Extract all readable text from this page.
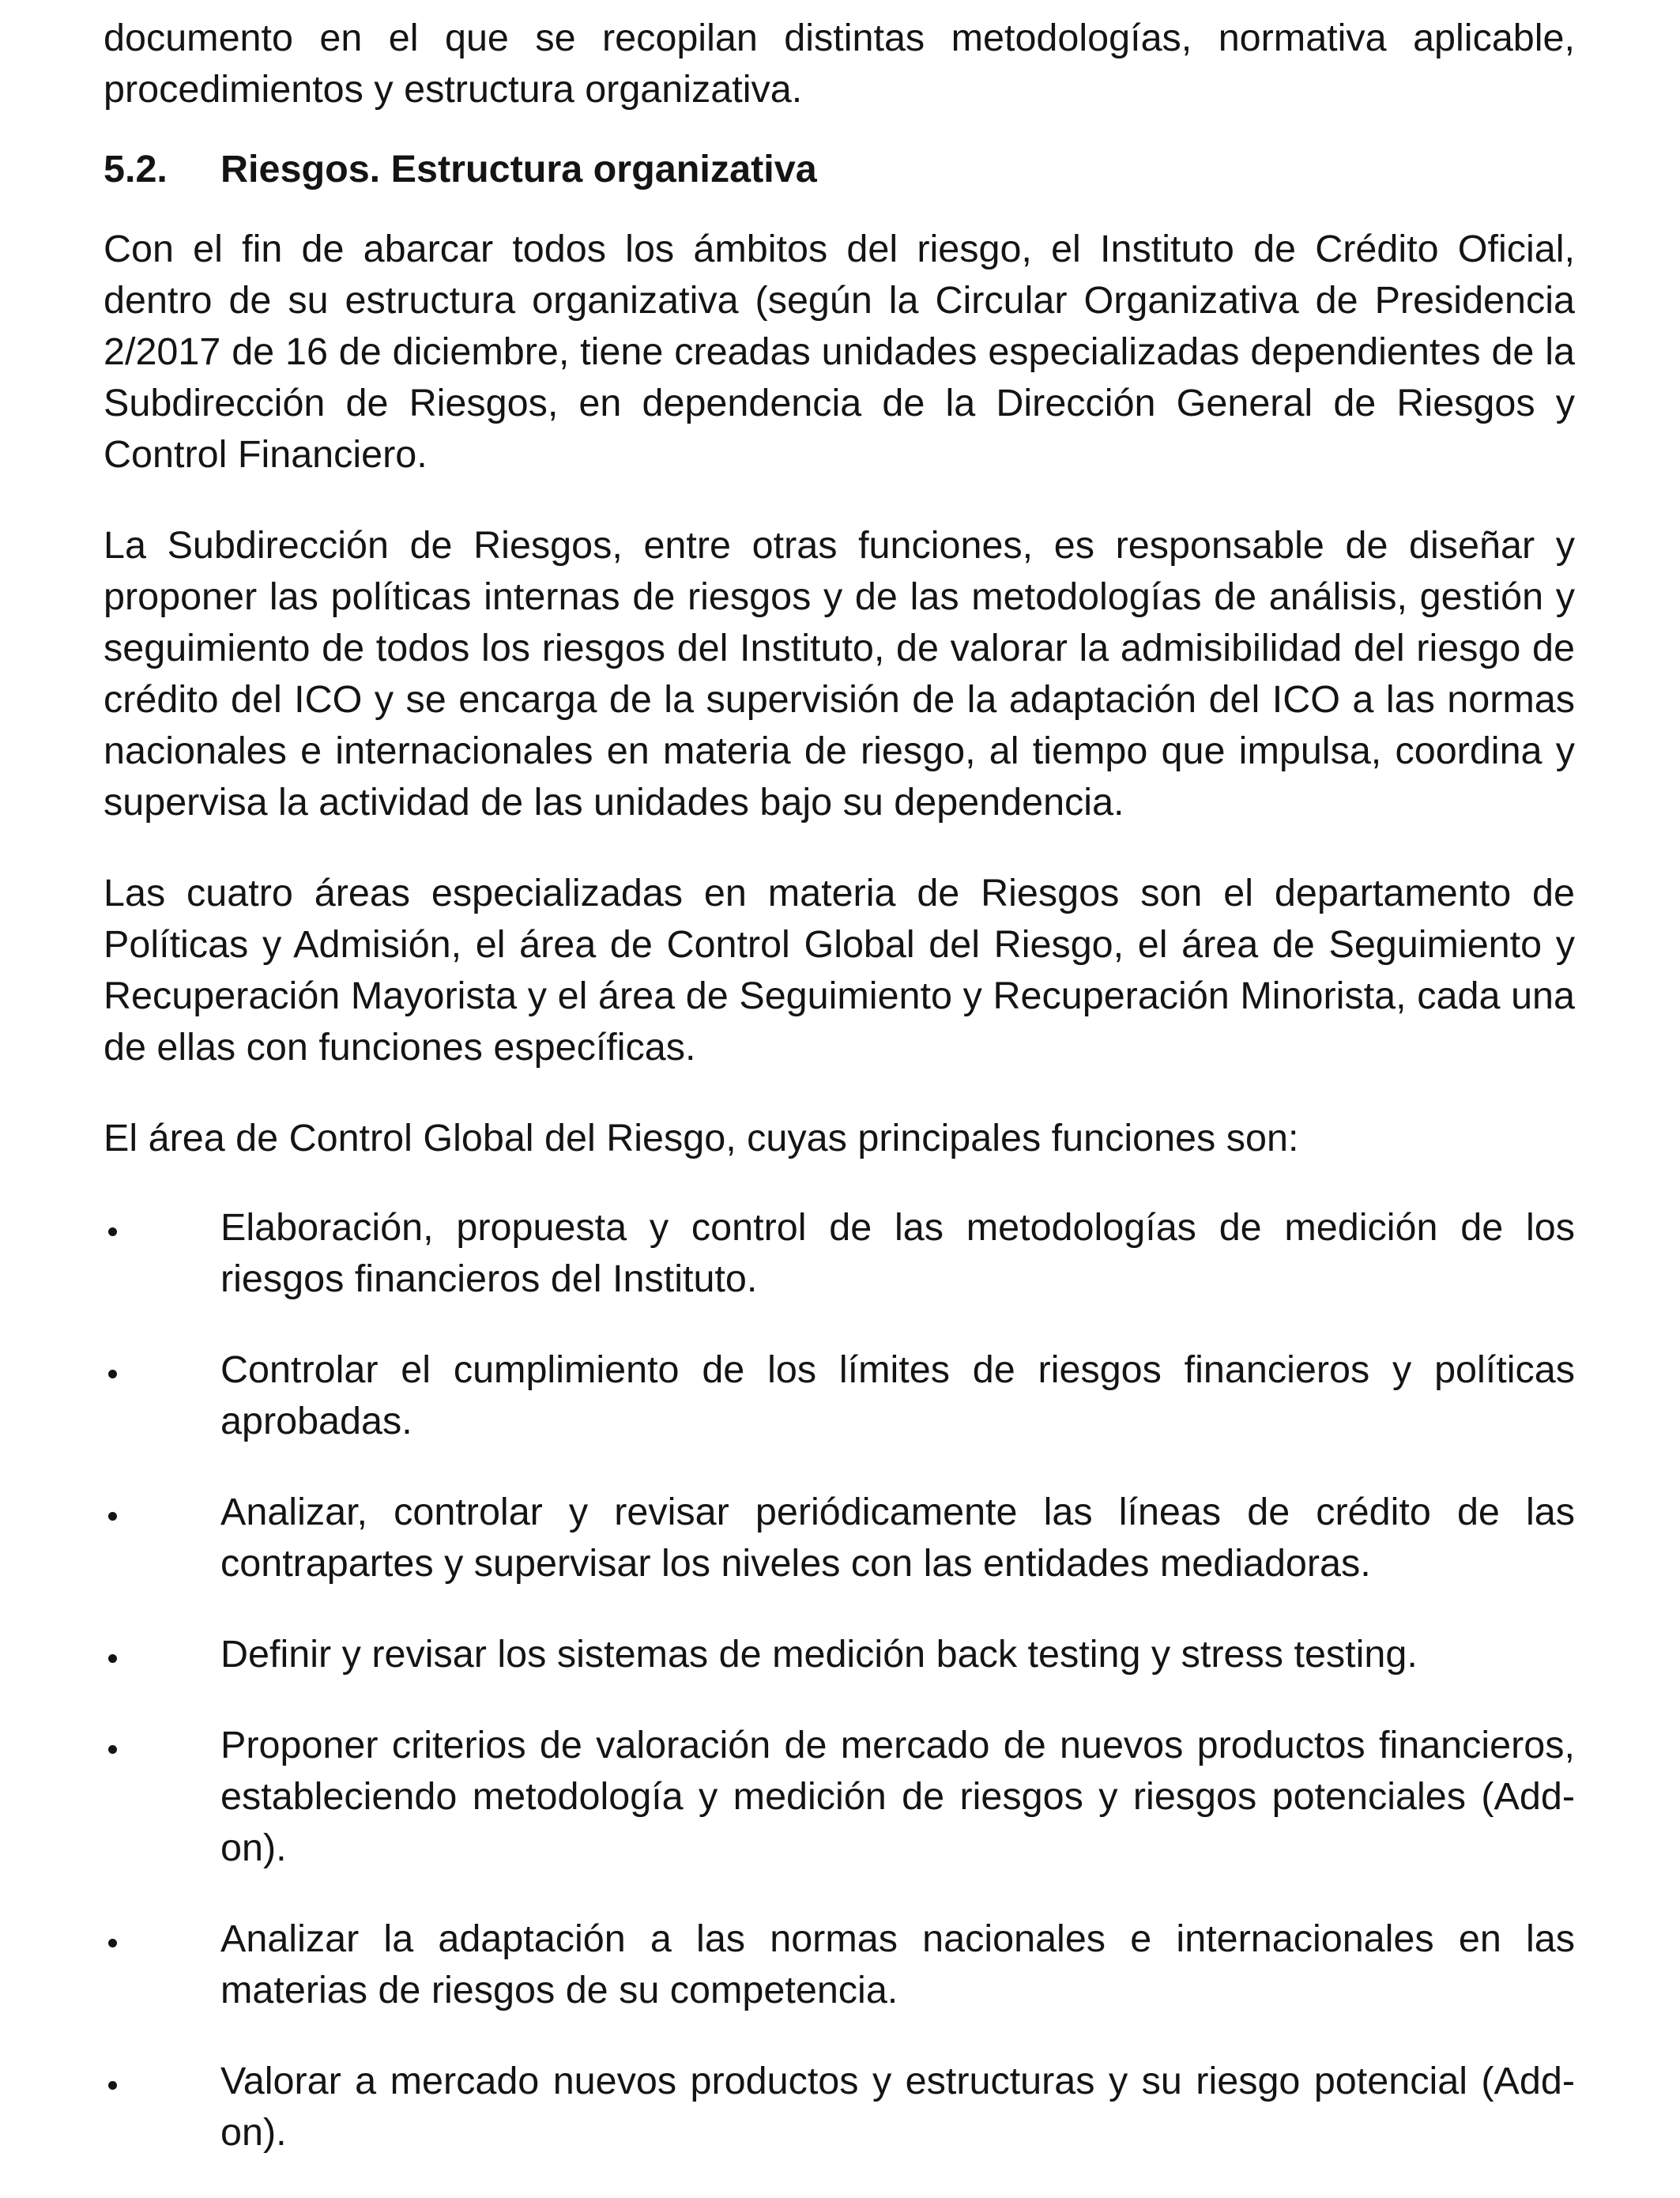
documento en el que se recopilan distintas metodologías, normativa aplicable, procedimientos y estructura organizativa.

5.2.	Riesgos. Estructura organizativa

Con el fin de abarcar todos los ámbitos del riesgo, el Instituto de Crédito Oficial, dentro de su estructura organizativa (según la Circular Organizativa de Presidencia 2/2017 de 16 de diciembre, tiene creadas unidades especializadas dependientes de la Subdirección de Riesgos, en dependencia de la Dirección General de Riesgos y Control Financiero.

La Subdirección de Riesgos, entre otras funciones, es responsable de diseñar y proponer las políticas internas de riesgos y de las metodologías de análisis, gestión y seguimiento de todos los riesgos del Instituto, de valorar la admisibilidad del riesgo de crédito del ICO y se encarga de la supervisión de la adaptación del ICO a las normas nacionales e internacionales en materia de riesgo, al tiempo que impulsa, coordina y supervisa la actividad de las unidades bajo su dependencia.

Las cuatro áreas especializadas en materia de Riesgos son el departamento de Políticas y Admisión, el área de Control Global del Riesgo, el área de Seguimiento y Recuperación Mayorista y el área de Seguimiento y Recuperación Minorista, cada una de ellas con funciones específicas.

El área de Control Global del Riesgo, cuyas principales funciones son:

Elaboración, propuesta y control de las metodologías de medición de los riesgos financieros del Instituto.
Controlar el cumplimiento de los límites de riesgos financieros y políticas aprobadas.
Analizar, controlar y revisar periódicamente las líneas de crédito de las contrapartes y supervisar los niveles con las entidades mediadoras.
Definir y revisar los sistemas de medición back testing y stress testing.
Proponer criterios de valoración de mercado de nuevos productos financieros, estableciendo metodología y medición de riesgos y riesgos potenciales (Add-on).
Analizar la adaptación a las normas nacionales e internacionales en las materias de riesgos de su competencia.
Valorar a mercado nuevos productos y estructuras y su riesgo potencial (Add-on).
